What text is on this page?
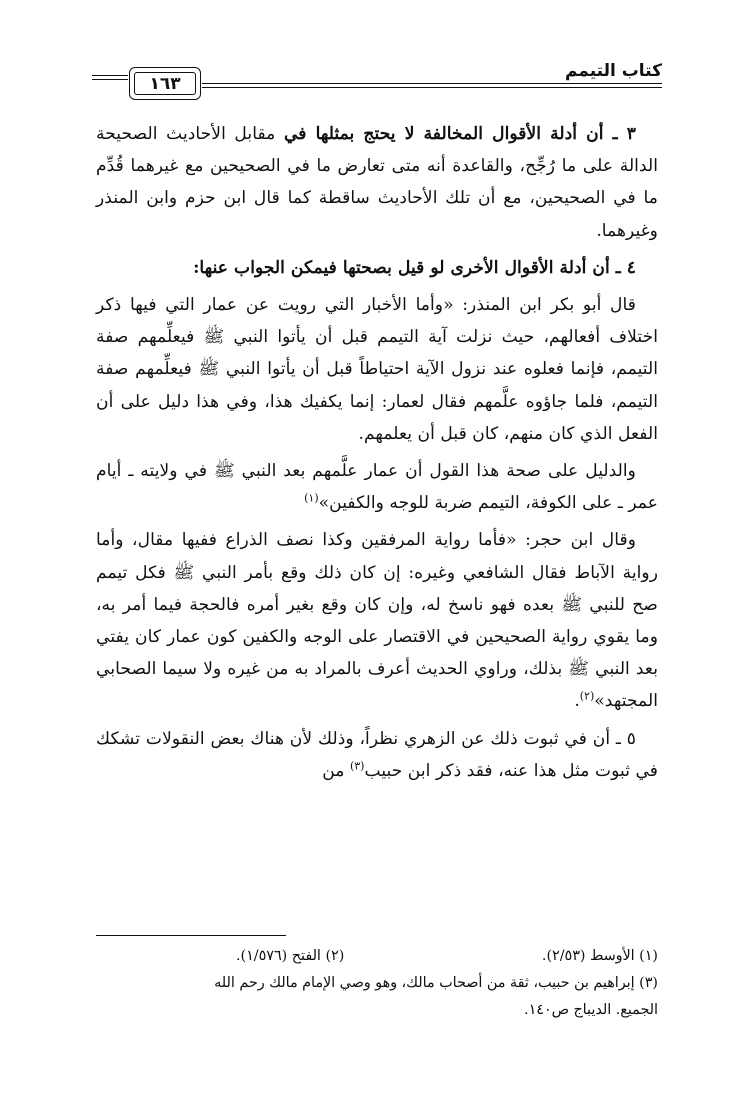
كتاب التيمم
١٦٣

٣ ـ أن أدلة الأقوال المخالفة لا يحتج بمثلها في مقابل الأحاديث الصحيحة الدالة على ما رُجِّح، والقاعدة أنه متى تعارض ما في الصحيحين مع غيرهما قُدِّم ما في الصحيحين، مع أن تلك الأحاديث ساقطة كما قال ابن حزم وابن المنذر وغيرهما.

٤ ـ أن أدلة الأقوال الأخرى لو قيل بصحتها فيمكن الجواب عنها:

قال أبو بكر ابن المنذر: «وأما الأخبار التي رويت عن عمار التي فيها ذكر اختلاف أفعالهم، حيث نزلت آية التيمم قبل أن يأتوا النبي ﷺ فيعلِّمهم صفة التيمم، فإنما فعلوه عند نزول الآية احتياطاً قبل أن يأتوا النبي ﷺ فيعلِّمهم صفة التيمم، فلما جاؤوه علَّمهم فقال لعمار: إنما يكفيك هذا، وفي هذا دليل على أن الفعل الذي كان منهم، كان قبل أن يعلمهم.

والدليل على صحة هذا القول أن عمار علَّمهم بعد النبي ﷺ في ولايته ـ أيام عمر ـ على الكوفة، التيمم ضربة للوجه والكفين»$^{(١)}$

وقال ابن حجر: «فأما رواية المرفقين وكذا نصف الذراع ففيها مقال، وأما رواية الآباط فقال الشافعي وغيره: إن كان ذلك وقع بأمر النبي ﷺ فكل تيمم صح للنبي ﷺ بعده فهو ناسخ له، وإن كان وقع بغير أمره فالحجة فيما أمر به، وما يقوي رواية الصحيحين في الاقتصار على الوجه والكفين كون عمار كان يفتي بعد النبي ﷺ بذلك، وراوي الحديث أعرف بالمراد به من غيره ولا سيما الصحابي المجتهد»$^{(٢)}$.

٥ ـ أن في ثبوت ذلك عن الزهري نظراً، وذلك لأن هناك بعض النقولات تشكك في ثبوت مثل هذا عنه، فقد ذكر ابن حبيب$^{(٣)}$ من

(١) الأوسط (٢/٥٣).
(٢) الفتح (١/٥٧٦).
(٣) إبراهيم بن حبيب، ثقة من أصحاب مالك، وهو وصي الإمام مالك رحم الله
الجميع. الديباج ص١٤٠.
